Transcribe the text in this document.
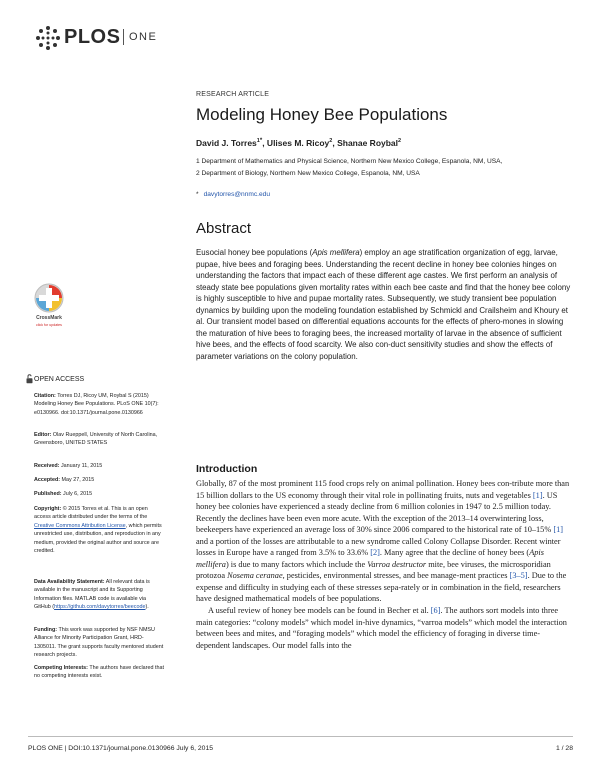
PLOS ONE
RESEARCH ARTICLE
Modeling Honey Bee Populations
David J. Torres$^{1*}$, Ulises M. Ricoy$^2$, Shanae Roybal$^2$
1 Department of Mathematics and Physical Science, Northern New Mexico College, Espanola, NM, USA,
2 Department of Biology, Northern New Mexico College, Espanola, NM, USA
* davytorres@nnmc.edu
Abstract
Eusocial honey bee populations (Apis mellifera) employ an age stratification organization of egg, larvae, pupae, hive bees and foraging bees. Understanding the recent decline in honey bee colonies hinges on understanding the factors that impact each of these different age castes. We first perform an analysis of steady state bee populations given mortality rates within each bee caste and find that the honey bee colony is highly susceptible to hive and pupae mortality rates. Subsequently, we study transient bee population dynamics by building upon the modeling foundation established by Schmickl and Crailsheim and Khoury et al. Our transient model based on differential equations accounts for the effects of phero-mones in slowing the maturation of hive bees to foraging bees, the increased mortality of larvae in the absence of sufficient hive bees, and the effects of food scarcity. We also con-duct sensitivity studies and show the effects of parameter variations on the colony population.
CrossMark
click for updates
OPEN ACCESS
Citation: Torres DJ, Ricoy UM, Roybal S (2015) Modeling Honey Bee Populations. PLoS ONE 10(7): e0130966. doi:10.1371/journal.pone.0130966
Editor: Olav Rueppell, University of North Carolina, Greensboro, UNITED STATES
Received: January 11, 2015
Accepted: May 27, 2015
Published: July 6, 2015
Copyright: © 2015 Torres et al. This is an open access article distributed under the terms of the Creative Commons Attribution License, which permits unrestricted use, distribution, and reproduction in any medium, provided the original author and source are credited.
Data Availability Statement: All relevant data is available in the manuscript and its Supporting Information files. MATLAB code is available via GitHub (https://github.com/davytorres/beecode).
Funding: This work was supported by NSF NMSU Alliance for Minority Participation Grant, HRD-1305011. The grant supports faculty mentored student research projects.
Competing Interests: The authors have declared that no competing interests exist.
Introduction

Globally, 87 of the most prominent 115 food crops rely on animal pollination. Honey bees con-tribute more than 15 billion dollars to the US economy through their vital role in pollinating fruits, nuts and vegetables [1]. US honey bee colonies have experienced a steady decline from 6 million colonies in 1947 to 2.5 million today. Recently the declines have been even more acute. With the exception of the 2013–14 overwintering loss, beekeepers have experienced an average loss of 30% since 2006 compared to the historical rate of 10–15% [1] and a portion of the losses are attributable to a new syndrome called Colony Collapse Disorder. Recent winter losses in Europe have a ranged from 3.5% to 33.6% [2]. Many agree that the decline of honey bees (Apis mellifera) is due to many factors which include the Varroa destructor mite, bee viruses, the microsporidian protozoa Nosema ceranae, pesticides, environmental stresses, and bee manage-ment practices [3–5]. Due to the expense and difficulty in studying each of these stresses sepa-rately or in combination in the field, researchers have designed mathematical models of bee populations.

A useful review of honey bee models can be found in Becher et al. [6]. The authors sort models into three main categories: “colony models” which model in-hive dynamics, “varroa models” which model the interaction between bees and mites, and “foraging models” which model the efficiency of foraging in diverse time-dependent landscapes. Our model falls into the

PLOS ONE | DOI:10.1371/journal.pone.0130966 July 6, 2015	1 / 28
